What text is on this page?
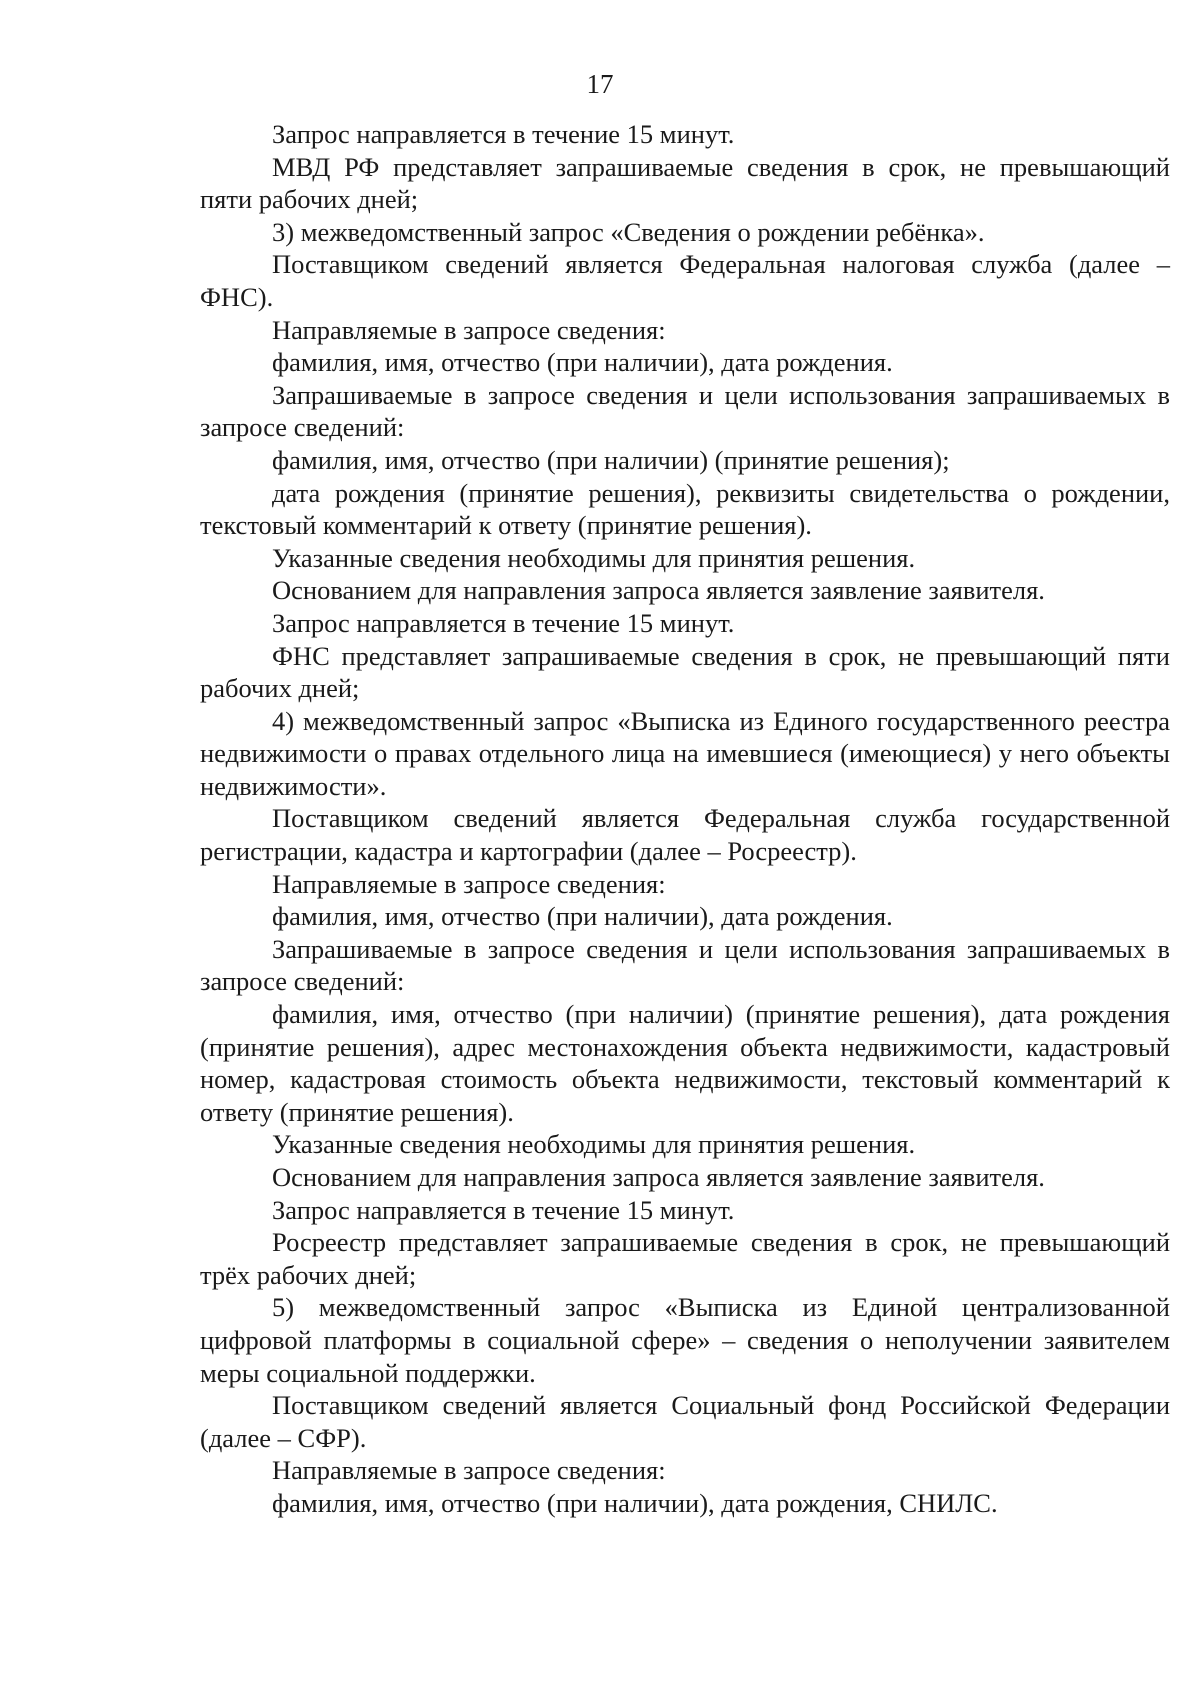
17

Запрос направляется в течение 15 минут.

МВД РФ представляет запрашиваемые сведения в срок, не превышающий пяти рабочих дней;

3) межведомственный запрос «Сведения о рождении ребёнка».

Поставщиком сведений является Федеральная налоговая служба (далее – ФНС).

Направляемые в запросе сведения:

фамилия, имя, отчество (при наличии), дата рождения.

Запрашиваемые в запросе сведения и цели использования запрашиваемых в запросе сведений:

фамилия, имя, отчество (при наличии) (принятие решения);

дата рождения (принятие решения), реквизиты свидетельства о рождении, текстовый комментарий к ответу (принятие решения).

Указанные сведения необходимы для принятия решения.

Основанием для направления запроса является заявление заявителя.

Запрос направляется в течение 15 минут.

ФНС представляет запрашиваемые сведения в срок, не превышающий пяти рабочих дней;

4) межведомственный запрос «Выписка из Единого государственного реестра недвижимости о правах отдельного лица на имевшиеся (имеющиеся) у него объекты недвижимости».

Поставщиком сведений является Федеральная служба государственной регистрации, кадастра и картографии (далее – Росреестр).

Направляемые в запросе сведения:

фамилия, имя, отчество (при наличии), дата рождения.

Запрашиваемые в запросе сведения и цели использования запрашиваемых в запросе сведений:

фамилия, имя, отчество (при наличии) (принятие решения), дата рождения (принятие решения), адрес местонахождения объекта недвижимости, кадастровый номер, кадастровая стоимость объекта недвижимости, текстовый комментарий к ответу (принятие решения).

Указанные сведения необходимы для принятия решения.

Основанием для направления запроса является заявление заявителя.

Запрос направляется в течение 15 минут.

Росреестр представляет запрашиваемые сведения в срок, не превышающий трёх рабочих дней;

5) межведомственный запрос «Выписка из Единой централизованной цифровой платформы в социальной сфере» – сведения о неполучении заявителем меры социальной поддержки.

Поставщиком сведений является Социальный фонд Российской Федерации (далее – СФР).

Направляемые в запросе сведения:

фамилия, имя, отчество (при наличии), дата рождения, СНИЛС.
